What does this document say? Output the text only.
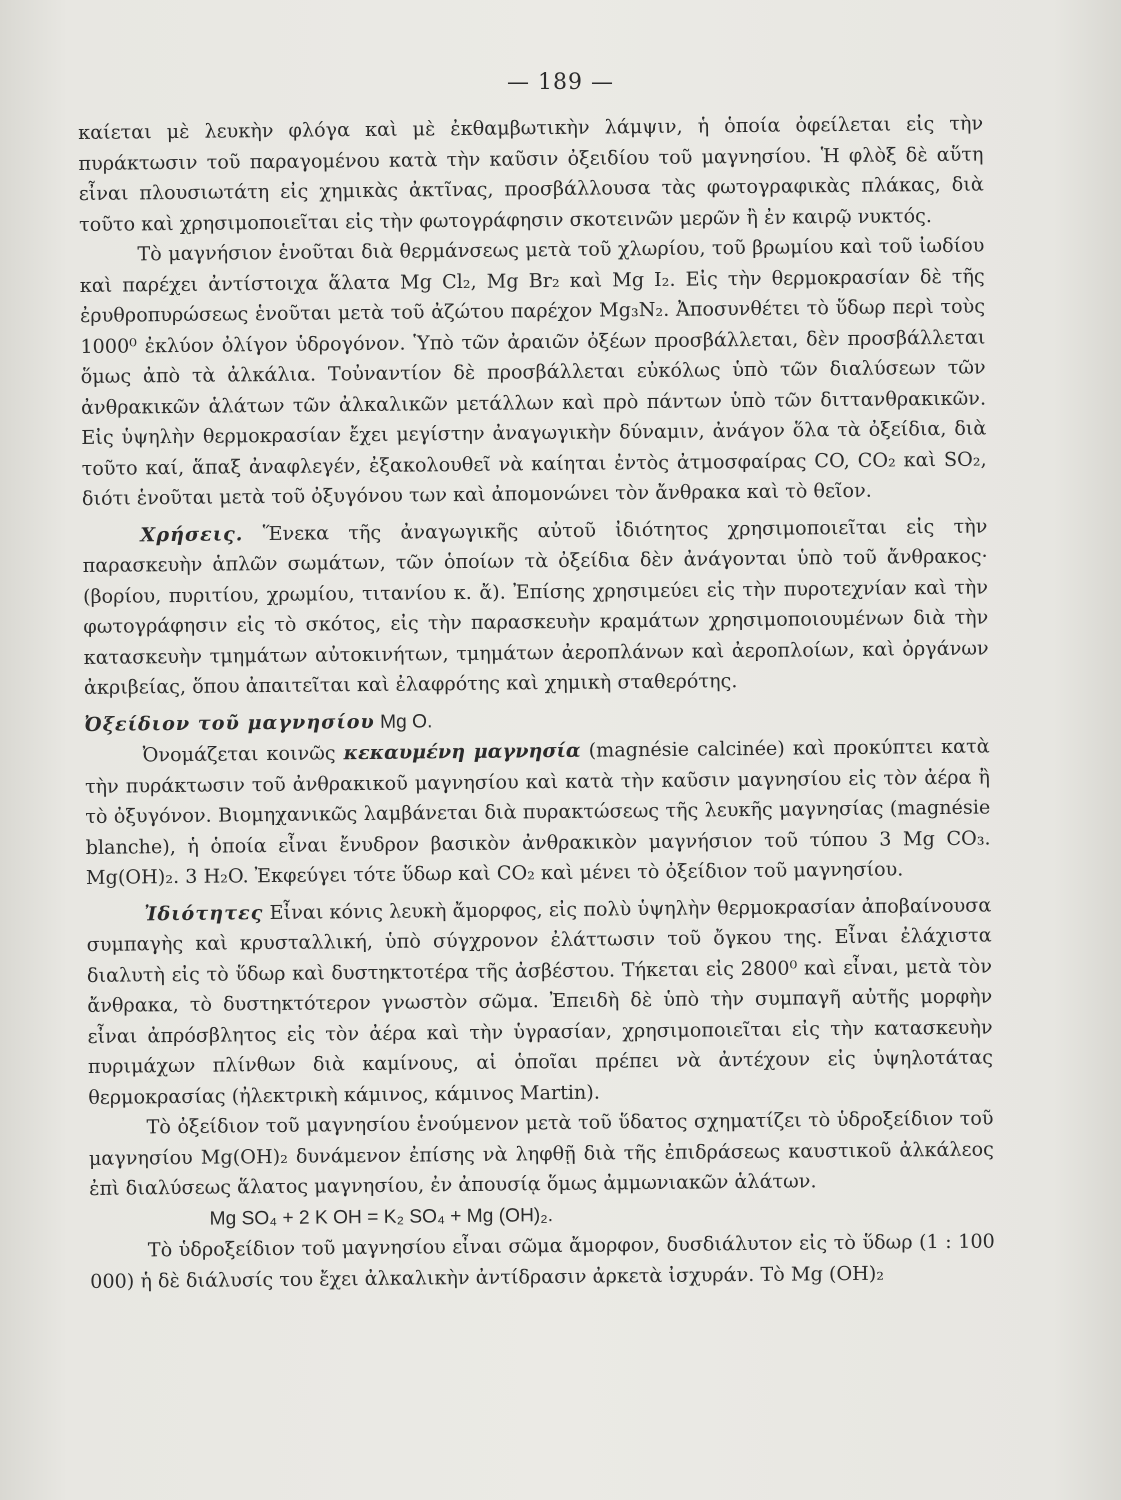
— 189 —

καίεται μὲ λευκὴν φλόγα καὶ μὲ ἐκθαμβωτικὴν λάμψιν, ἡ ὁποία ὀφείλεται εἰς τὴν πυράκτωσιν τοῦ παραγομένου κατὰ τὴν καῦσιν ὀξειδίου τοῦ μαγνησίου. Ἡ φλὸξ δὲ αὕτη εἶναι πλουσιωτάτη εἰς χημικὰς ἀκτῖνας, προσβάλλουσα τὰς φωτογραφικὰς πλάκας, διὰ τοῦτο καὶ χρησιμοποιεῖται εἰς τὴν φωτογράφησιν σκοτεινῶν μερῶν ἢ ἐν καιρῷ νυκτός.

Τὸ μαγνήσιον ἑνοῦται διὰ θερμάνσεως μετὰ τοῦ χλωρίου, τοῦ βρωμίου καὶ τοῦ ἰωδίου καὶ παρέχει ἀντίστοιχα ἅλατα Mg Cl₂, Mg Br₂ καὶ Mg I₂. Εἰς τὴν θερμοκρασίαν δὲ τῆς ἐρυθροπυρώσεως ἑνοῦται μετὰ τοῦ ἀζώτου παρέχον Mg₃N₂. Ἀποσυνθέτει τὸ ὕδωρ περὶ τοὺς 1000⁰ ἐκλύον ὀλίγον ὑδρογόνον. Ὑπὸ τῶν ἀραιῶν ὀξέων προσβάλλεται, δὲν προσβάλλεται ὅμως ἀπὸ τὰ ἀλκάλια. Τοὐναντίον δὲ προσβάλλεται εὐκόλως ὑπὸ τῶν διαλύσεων τῶν ἀνθρακικῶν ἁλάτων τῶν ἀλκαλικῶν μετάλλων καὶ πρὸ πάντων ὑπὸ τῶν διττανθρακικῶν. Εἰς ὑψηλὴν θερμοκρασίαν ἔχει μεγίστην ἀναγωγικὴν δύναμιν, ἀνάγον ὅλα τὰ ὀξείδια, διὰ τοῦτο καί, ἅπαξ ἀναφλεγέν, ἐξακολουθεῖ νὰ καίηται ἐντὸς ἀτμοσφαίρας CO, CO₂ καὶ SO₂, διότι ἑνοῦται μετὰ τοῦ ὀξυγόνου των καὶ ἀπομονώνει τὸν ἄνθρακα καὶ τὸ θεῖον.

Χρήσεις. Ἕνεκα τῆς ἀναγωγικῆς αὐτοῦ ἰδιότητος χρησιμοποιεῖται εἰς τὴν παρασκευὴν ἁπλῶν σωμάτων, τῶν ὁποίων τὰ ὀξείδια δὲν ἀνάγονται ὑπὸ τοῦ ἄνθρακος· (βορίου, πυριτίου, χρωμίου, τιτανίου κ. ἄ). Ἐπίσης χρησιμεύει εἰς τὴν πυροτεχνίαν καὶ τὴν φωτογράφησιν εἰς τὸ σκότος, εἰς τὴν παρασκευὴν κραμάτων χρησιμοποιουμένων διὰ τὴν κατασκευὴν τμημάτων αὐτοκινήτων, τμημάτων ἀεροπλάνων καὶ ἀεροπλοίων, καὶ ὀργάνων ἀκριβείας, ὅπου ἀπαιτεῖται καὶ ἐλαφρότης καὶ χημικὴ σταθερότης.

Ὀξείδιον τοῦ μαγνησίου Mg O.

Ὀνομάζεται κοινῶς κεκαυμένη μαγνησία (magnésie calcinée) καὶ προκύπτει κατὰ τὴν πυράκτωσιν τοῦ ἀνθρακικοῦ μαγνησίου καὶ κατὰ τὴν καῦσιν μαγνησίου εἰς τὸν ἀέρα ἢ τὸ ὀξυγόνον. Βιομηχανικῶς λαμβάνεται διὰ πυρακτώσεως τῆς λευκῆς μαγνησίας (magnésie blanche), ἡ ὁποία εἶναι ἔνυδρον βασικὸν ἀνθρακικὸν μαγνήσιον τοῦ τύπου 3 Mg CO₃. Mg(OH)₂. 3 H₂O. Ἐκφεύγει τότε ὕδωρ καὶ CO₂ καὶ μένει τὸ ὀξείδιον τοῦ μαγνησίου.

Ἰδιότητες Εἶναι κόνις λευκὴ ἄμορφος, εἰς πολὺ ὑψηλὴν θερμοκρασίαν ἀποβαίνουσα συμπαγὴς καὶ κρυσταλλική, ὑπὸ σύγχρονον ἐλάττωσιν τοῦ ὄγκου της. Εἶναι ἐλάχιστα διαλυτὴ εἰς τὸ ὕδωρ καὶ δυστηκτοτέρα τῆς ἀσβέστου. Τήκεται εἰς 2800⁰ καὶ εἶναι, μετὰ τὸν ἄνθρακα, τὸ δυστηκτότερον γνωστὸν σῶμα. Ἐπειδὴ δὲ ὑπὸ τὴν συμπαγῆ αὐτῆς μορφὴν εἶναι ἀπρόσβλητος εἰς τὸν ἀέρα καὶ τὴν ὑγρασίαν, χρησιμοποιεῖται εἰς τὴν κατασκευὴν πυριμάχων πλίνθων διὰ καμίνους, αἱ ὁποῖαι πρέπει νὰ ἀντέχουν εἰς ὑψηλοτάτας θερμοκρασίας (ἠλεκτρικὴ κάμινος, κάμινος Martin).

Τὸ ὀξείδιον τοῦ μαγνησίου ἑνούμενον μετὰ τοῦ ὕδατος σχηματίζει τὸ ὑδροξείδιον τοῦ μαγνησίου Mg(OH)₂ δυνάμενον ἐπίσης νὰ ληφθῇ διὰ τῆς ἐπιδράσεως καυστικοῦ ἀλκάλεος ἐπὶ διαλύσεως ἅλατος μαγνησίου, ἐν ἀπουσίᾳ ὅμως ἀμμωνιακῶν ἁλάτων.

Mg SO₄ + 2 K OH = K₂ SO₄ + Mg (OH)₂.

Τὸ ὑδροξείδιον τοῦ μαγνησίου εἶναι σῶμα ἄμορφον, δυσδιάλυτον εἰς τὸ ὕδωρ (1 : 100 000) ἡ δὲ διάλυσίς του ἔχει ἀλκαλικὴν ἀντίδρασιν ἀρκετὰ ἰσχυράν. Τὸ Mg (OH)₂
